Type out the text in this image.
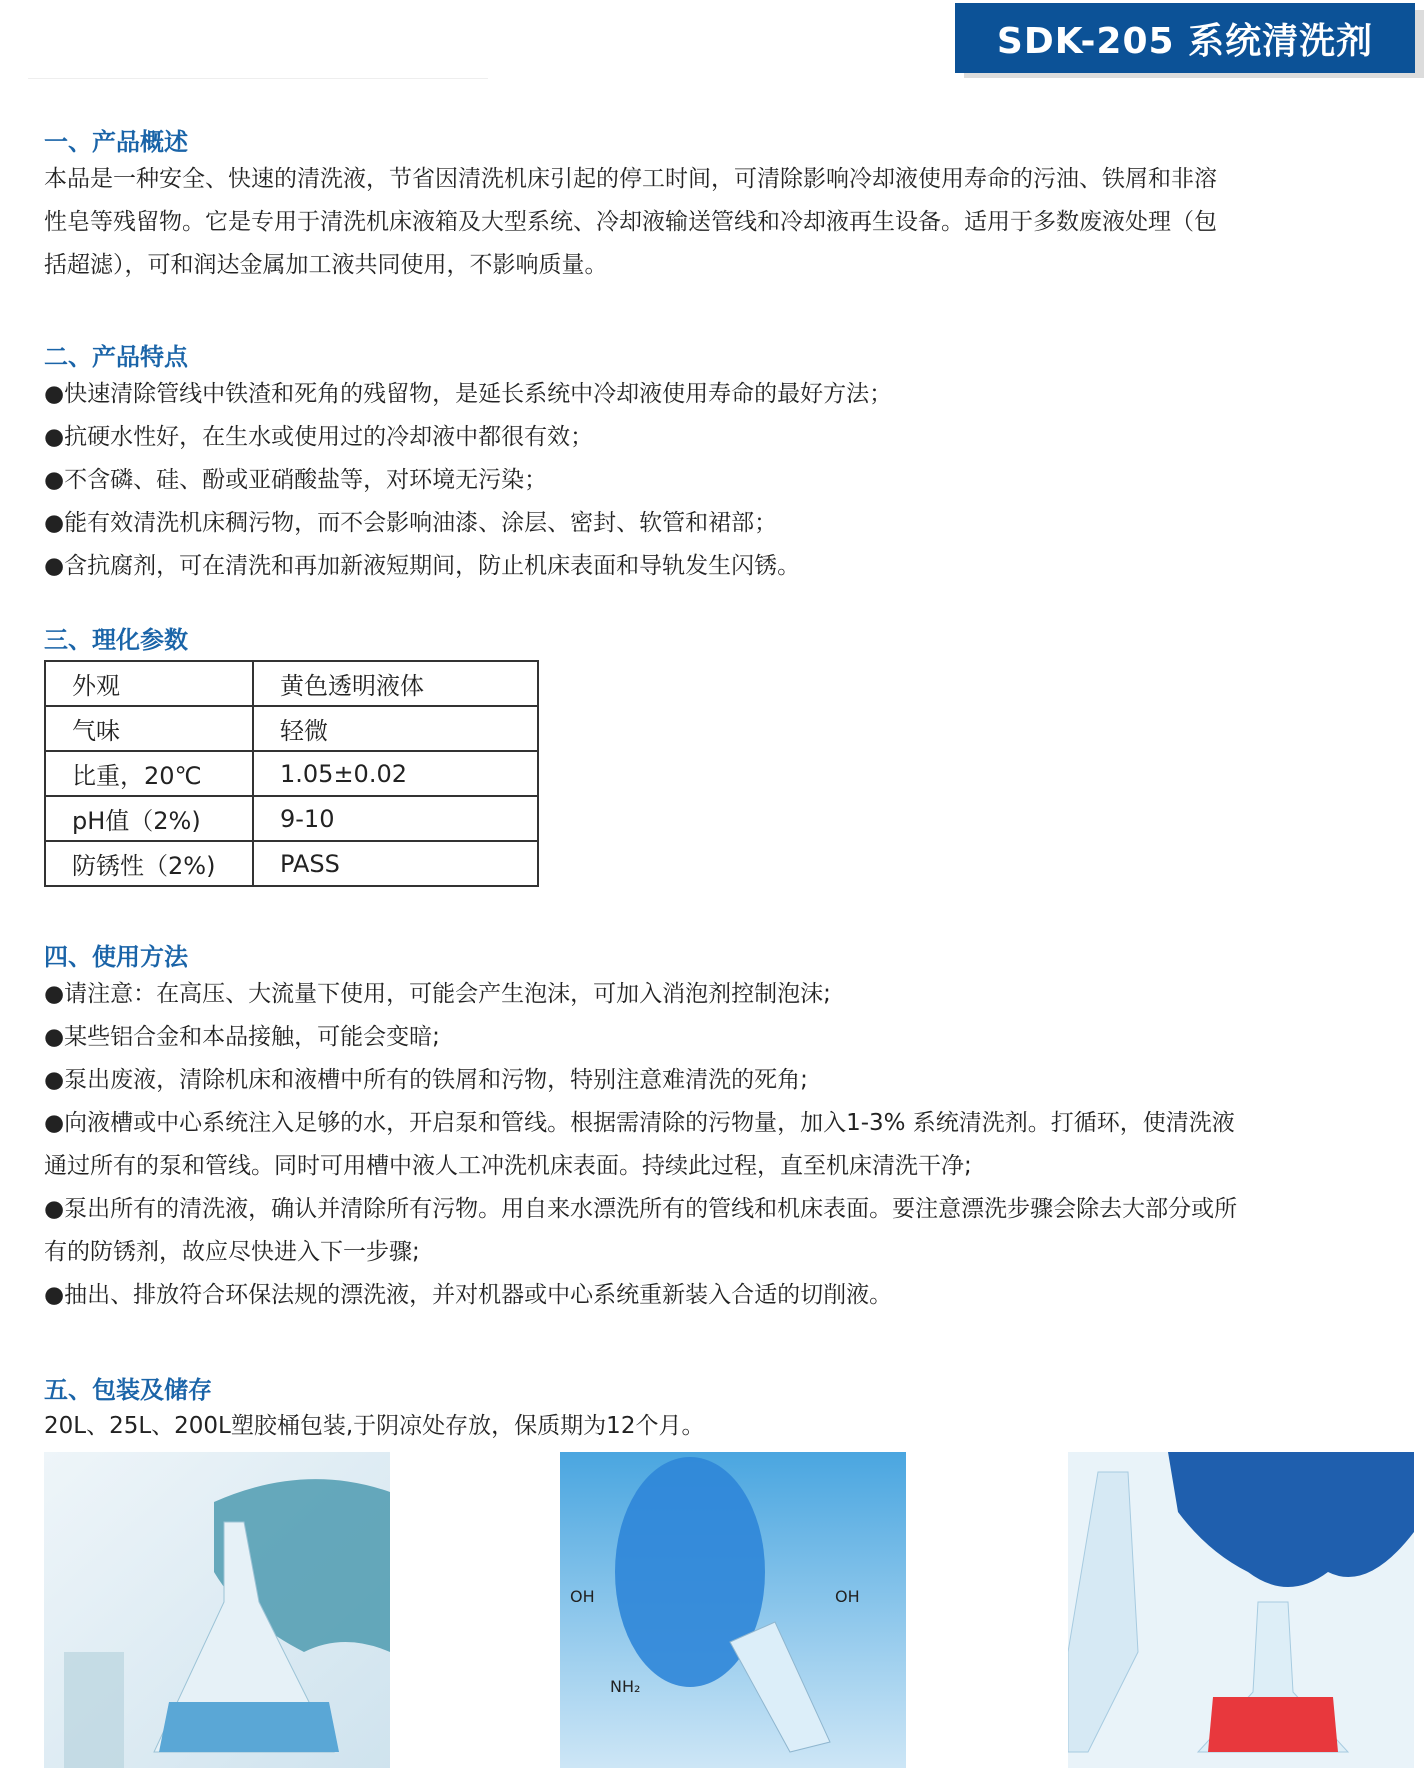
SDK-205 系统清洗剂
一、产品概述
本品是一种安全、快速的清洗液，节省因清洗机床引起的停工时间，可清除影响冷却液使用寿命的污油、铁屑和非溶
性皂等残留物。它是专用于清洗机床液箱及大型系统、冷却液输送管线和冷却液再生设备。适用于多数废液处理（包
括超滤），可和润达金属加工液共同使用，不影响质量。
二、产品特点
●快速清除管线中铁渣和死角的残留物，是延长系统中冷却液使用寿命的最好方法；
●抗硬水性好，在生水或使用过的冷却液中都很有效；
●不含磷、硅、酚或亚硝酸盐等，对环境无污染；
●能有效清洗机床稠污物，而不会影响油漆、涂层、密封、软管和裙部；
●含抗腐剂，可在清洗和再加新液短期间，防止机床表面和导轨发生闪锈。
三、理化参数
外观	黄色透明液体
气味	轻微
比重，20℃	1.05±0.02
pH值（2%)	9-10
防锈性（2%)	PASS
四、使用方法
●请注意：在高压、大流量下使用，可能会产生泡沫，可加入消泡剂控制泡沫;
●某些铝合金和本品接触，可能会变暗;
●泵出废液，清除机床和液槽中所有的铁屑和污物，特别注意难清洗的死角;
●向液槽或中心系统注入足够的水，开启泵和管线。根据需清除的污物量，加入1-3% 系统清洗剂。打循环，使清洗液
通过所有的泵和管线。同时可用槽中液人工冲洗机床表面。持续此过程，直至机床清洗干净;
●泵出所有的清洗液，确认并清除所有污物。用自来水漂洗所有的管线和机床表面。要注意漂洗步骤会除去大部分或所
有的防锈剂，故应尽快进入下一步骤;
●抽出、排放符合环保法规的漂洗液，并对机器或中心系统重新装入合适的切削液。
五、包装及储存
20L、25L、200L塑胶桶包装,于阴凉处存放，保质期为12个月。
OH
NH₂
OH
